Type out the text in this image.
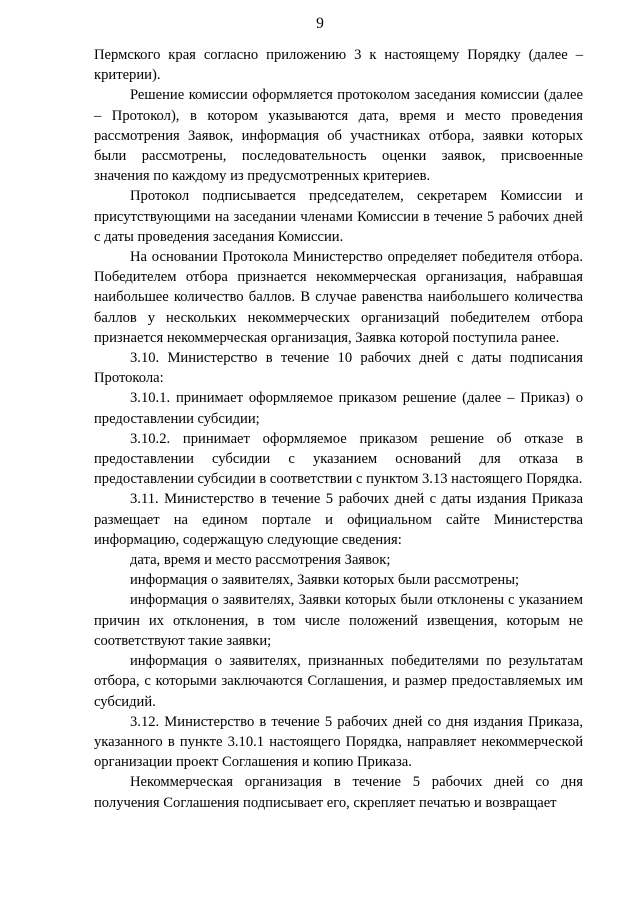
9

Пермского края согласно приложению 3 к настоящему Порядку (далее – критерии).

Решение комиссии оформляется протоколом заседания комиссии (далее – Протокол), в котором указываются дата, время и место проведения рассмотрения Заявок, информация об участниках отбора, заявки которых были рассмотрены, последовательность оценки заявок, присвоенные значения по каждому из предусмотренных критериев.

Протокол подписывается председателем, секретарем Комиссии и присутствующими на заседании членами Комиссии в течение 5 рабочих дней с даты проведения заседания Комиссии.

На основании Протокола Министерство определяет победителя отбора. Победителем отбора признается некоммерческая организация, набравшая наибольшее количество баллов. В случае равенства наибольшего количества баллов у нескольких некоммерческих организаций победителем отбора признается некоммерческая организация, Заявка которой поступила ранее.

3.10. Министерство в течение 10 рабочих дней с даты подписания Протокола:

3.10.1. принимает оформляемое приказом решение (далее – Приказ) о предоставлении субсидии;

3.10.2. принимает оформляемое приказом решение об отказе в предоставлении субсидии с указанием оснований для отказа в предоставлении субсидии в соответствии с пунктом 3.13 настоящего Порядка.

3.11. Министерство в течение 5 рабочих дней с даты издания Приказа размещает на едином портале и официальном сайте Министерства информацию, содержащую следующие сведения:

дата, время и место рассмотрения Заявок;

информация о заявителях, Заявки которых были рассмотрены;

информация о заявителях, Заявки которых были отклонены с указанием причин их отклонения, в том числе положений извещения, которым не соответствуют такие заявки;

информация о заявителях, признанных победителями по результатам отбора, с которыми заключаются Соглашения, и размер предоставляемых им субсидий.

3.12. Министерство в течение 5 рабочих дней со дня издания Приказа, указанного в пункте 3.10.1 настоящего Порядка, направляет некоммерческой организации проект Соглашения и копию Приказа.

Некоммерческая организация в течение 5 рабочих дней со дня получения Соглашения подписывает его, скрепляет печатью и возвращает
